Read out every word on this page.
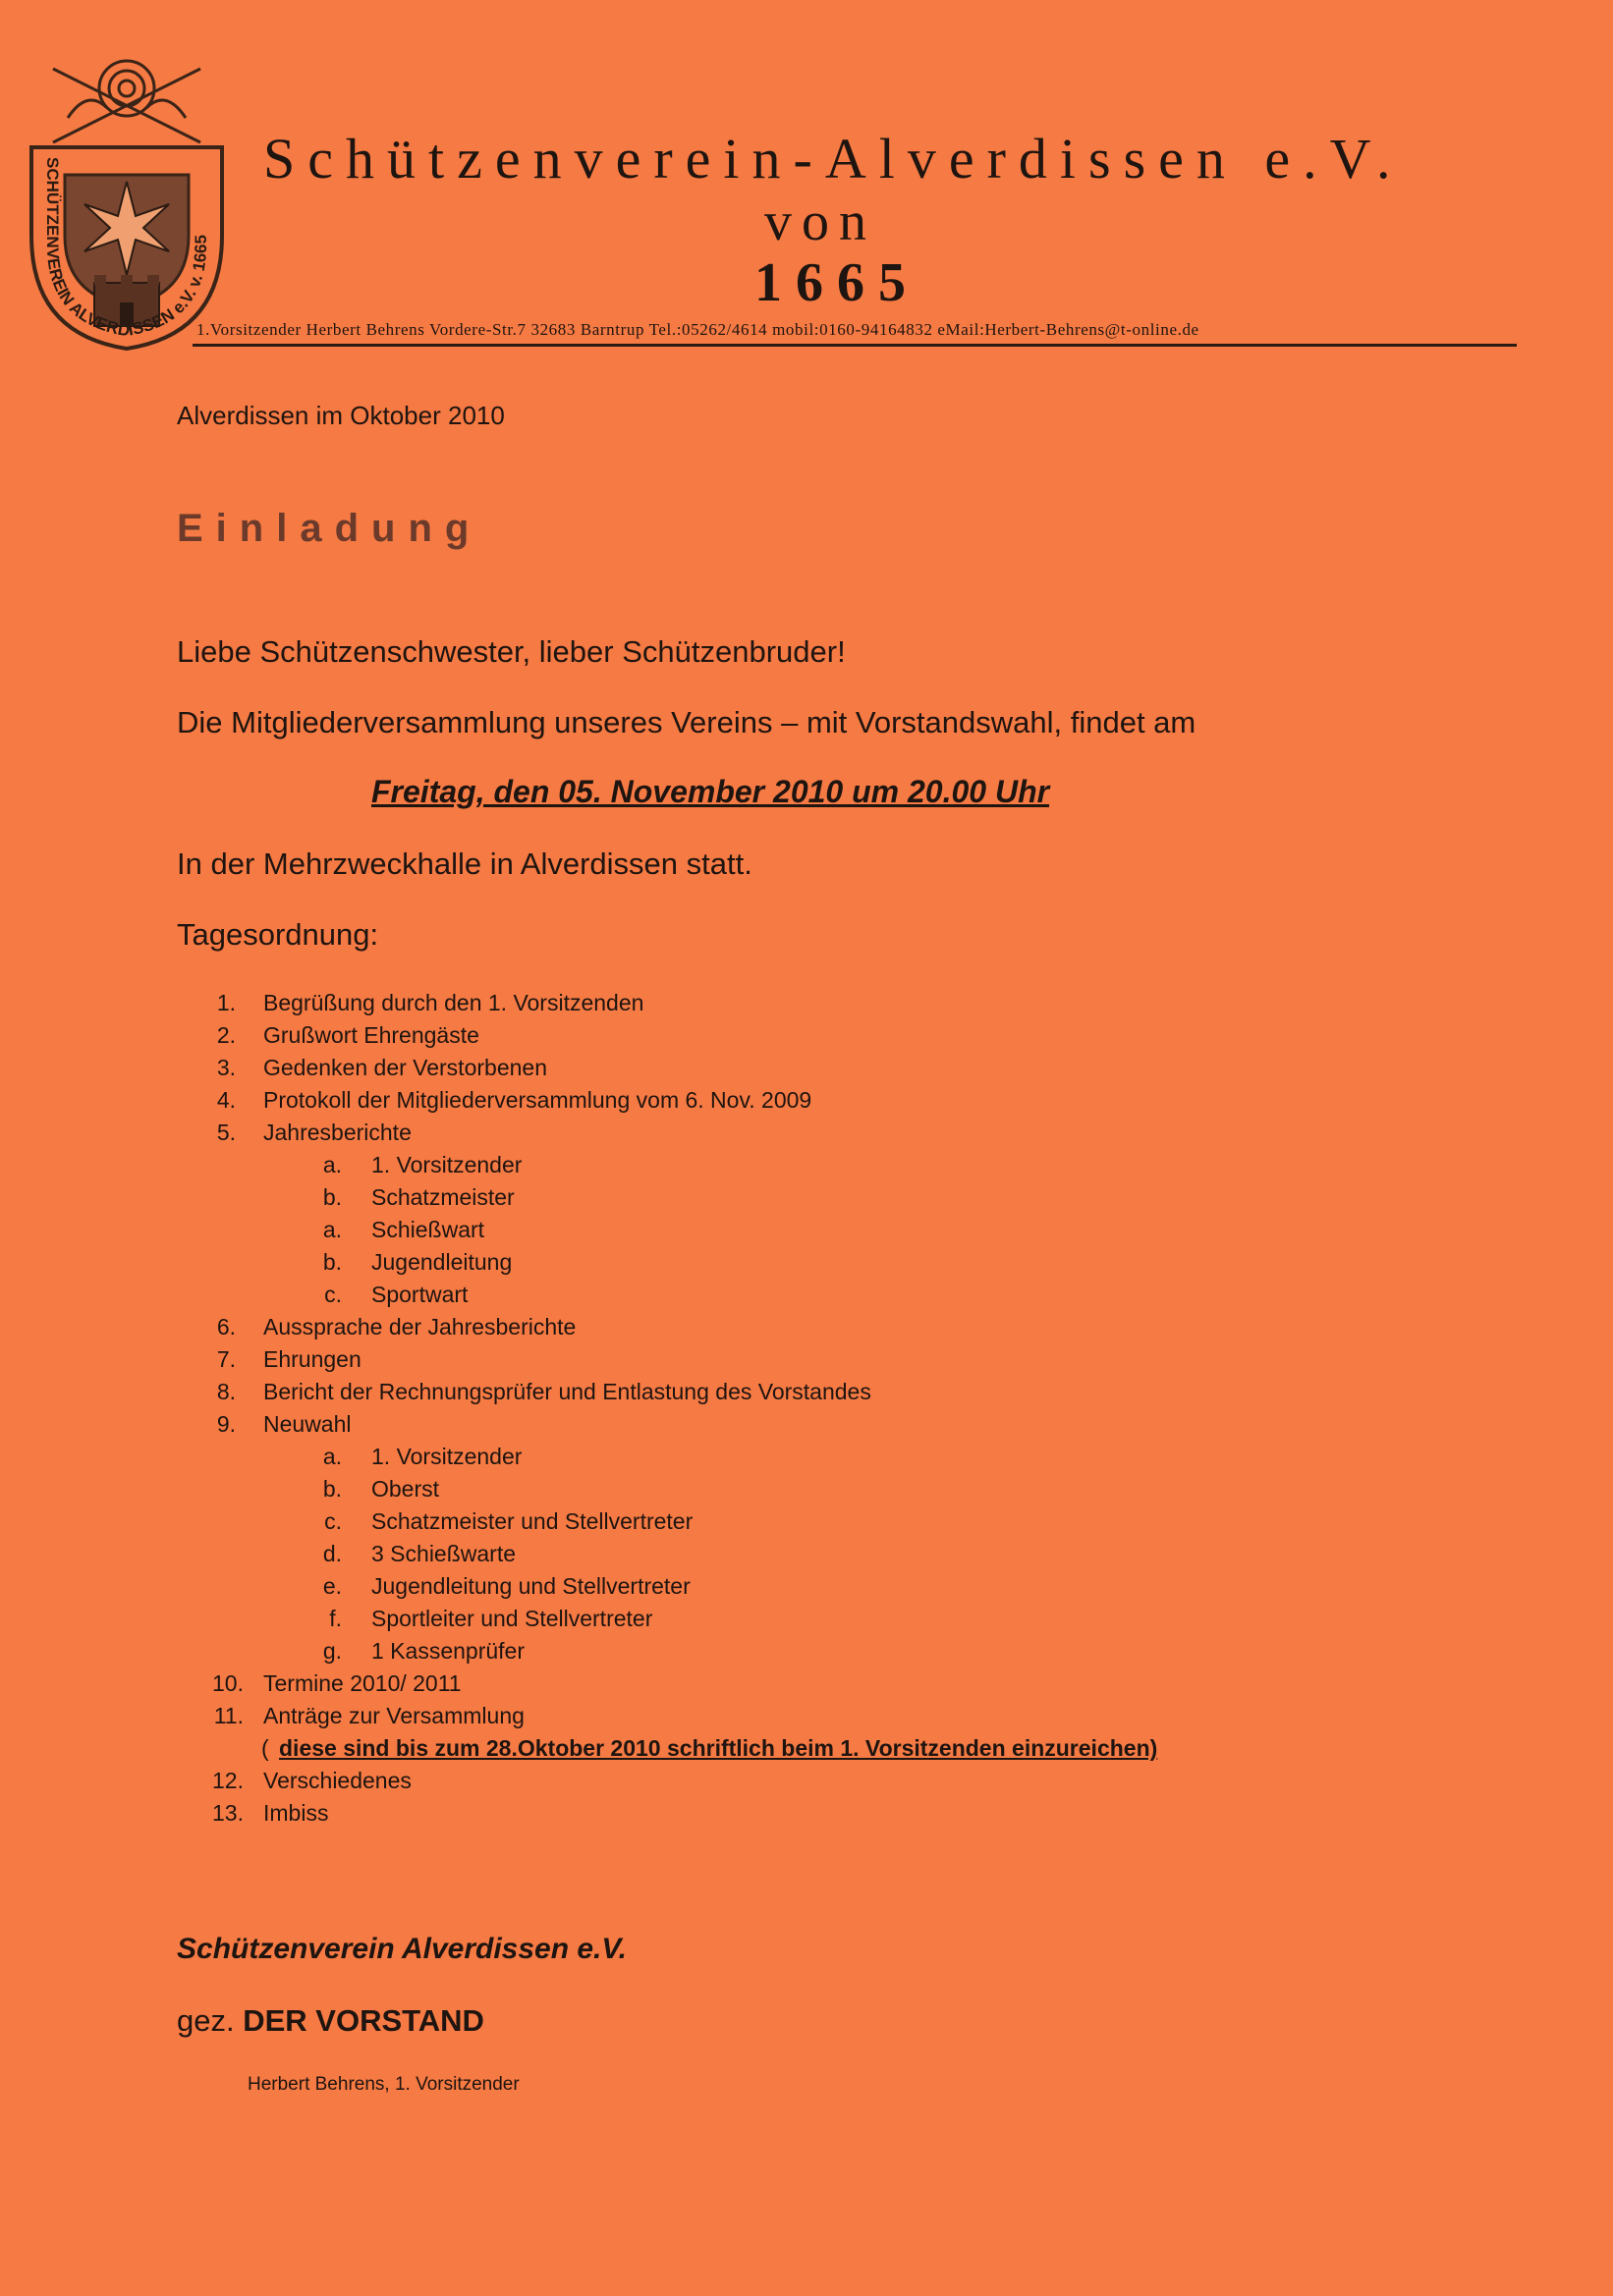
SCHÜTZENVEREIN ALVERDISSEN e.V. v. 1665

Schützenverein-Alverdissen e.V.

von

1665

1.Vorsitzender Herbert Behrens Vordere-Str.7 32683 Barntrup Tel.:05262/4614 mobil:0160-94164832 eMail:Herbert-Behrens@t-online.de

Alverdissen im Oktober 2010

Einladung

Liebe Schützenschwester, lieber Schützenbruder!

Die Mitgliederversammlung unseres Vereins – mit Vorstandswahl, findet am

Freitag, den 05. November 2010 um 20.00 Uhr

In der Mehrzweckhalle in Alverdissen statt.

Tagesordnung:

1. Begrüßung durch den 1. Vorsitzenden
2. Grußwort Ehrengäste
3. Gedenken der Verstorbenen
4. Protokoll der Mitgliederversammlung vom 6. Nov. 2009
5. Jahresberichte
a. 1. Vorsitzender
b. Schatzmeister
a. Schießwart
b. Jugendleitung
c. Sportwart
6. Aussprache der Jahresberichte
7. Ehrungen
8. Bericht der Rechnungsprüfer und Entlastung des Vorstandes
9. Neuwahl
a. 1. Vorsitzender
b. Oberst
c. Schatzmeister und Stellvertreter
d. 3 Schießwarte
e. Jugendleitung und Stellvertreter
f. Sportleiter und Stellvertreter
g. 1 Kassenprüfer
10. Termine 2010/ 2011
11. Anträge zur Versammlung
( diese sind bis zum 28.Oktober 2010 schriftlich beim 1. Vorsitzenden einzureichen)
12. Verschiedenes
13. Imbiss

Schützenverein Alverdissen e.V.

gez. DER VORSTAND

Herbert Behrens, 1. Vorsitzender
